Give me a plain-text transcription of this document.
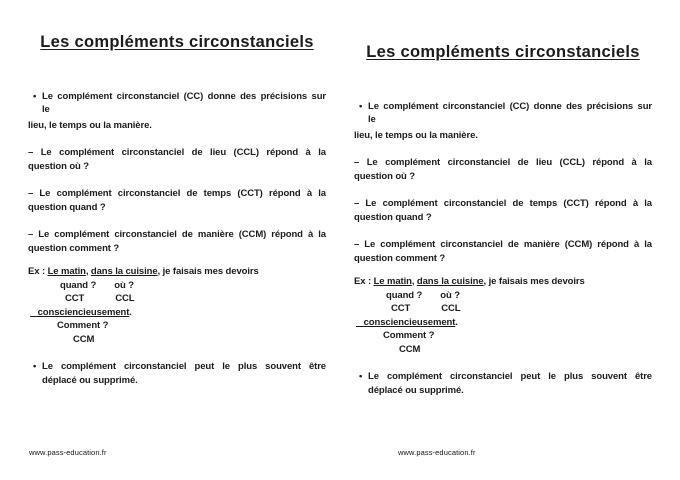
Les compléments circonstanciels
• Le complément circonstanciel (CC) donne des précisions sur
le

lieu, le temps ou la manière.

– Le complément circonstanciel de lieu (CCL) répond à la
question où ?

– Le complément circonstanciel de temps (CCT) répond à la
question quand ?

– Le complément circonstanciel de manière (CCM) répond à la
question comment ?

Ex : Le matin, dans la cuisine, je faisais mes devoirs

quand ? où ?

CCT	CCL

consciencieusement.

Comment ?

CCM

• Le complément circonstanciel peut le plus souvent être
déplacé ou supprimé.
www.pass-education.fr
Les compléments circonstanciels
• Le complément circonstanciel (CC) donne des précisions sur
le

lieu, le temps ou la manière.

– Le complément circonstanciel de lieu (CCL) répond à la
question où ?

– Le complément circonstanciel de temps (CCT) répond à la
question quand ?

– Le complément circonstanciel de manière (CCM) répond à la
question comment ?

Ex : Le matin, dans la cuisine, je faisais mes devoirs

quand ? où ?

CCT	CCL

consciencieusement.

Comment ?

CCM

• Le complément circonstanciel peut le plus souvent être
déplacé ou supprimé.
www.pass-education.fr
